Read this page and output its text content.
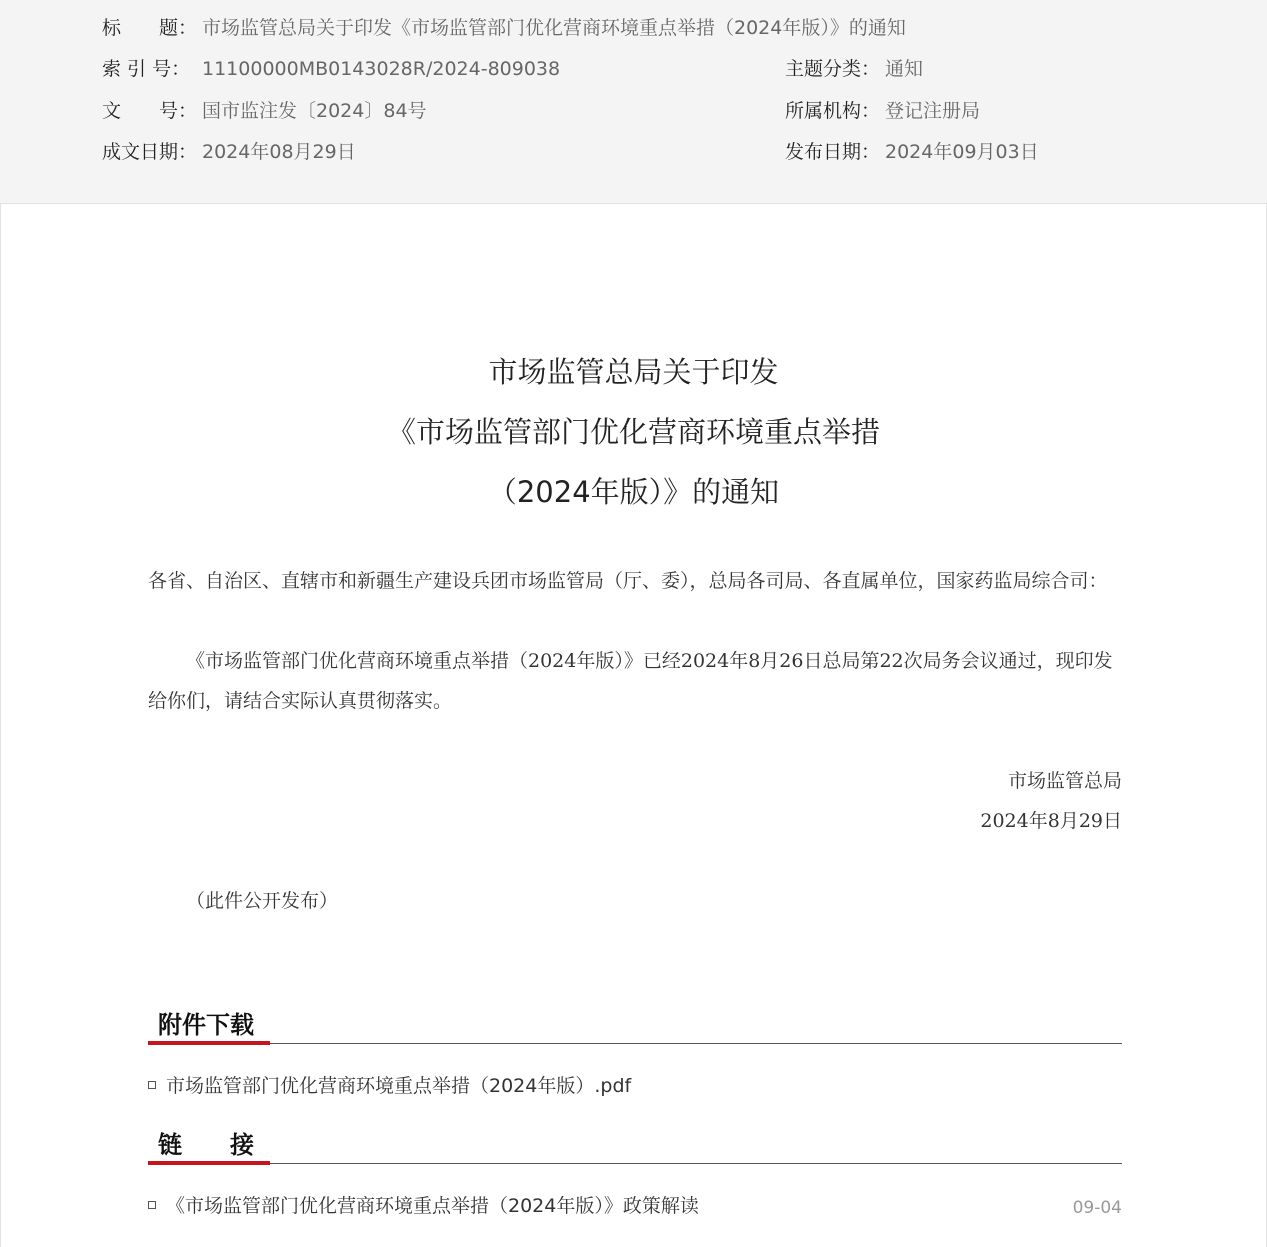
标　　题： 市场监管总局关于印发《市场监管部门优化营商环境重点举措（2024年版）》的通知
索 引 号： 11100000MB0143028R/2024-809038	主题分类： 通知
文　　号： 国市监注发〔2024〕84号	所属机构： 登记注册局
成文日期： 2024年08月29日	发布日期： 2024年09月03日
市场监管总局关于印发
《市场监管部门优化营商环境重点举措
（2024年版）》的通知
各省、自治区、直辖市和新疆生产建设兵团市场监管局（厅、委），总局各司局、各直属单位，国家药监局综合司：
《市场监管部门优化营商环境重点举措（2024年版）》已经2024年8月26日总局第22次局务会议通过，现印发给你们，请结合实际认真贯彻落实。
市场监管总局
2024年8月29日
（此件公开发布）
附件下载
市场监管部门优化营商环境重点举措（2024年版）.pdf
链　　接
《市场监管部门优化营商环境重点举措（2024年版）》政策解读	09-04
